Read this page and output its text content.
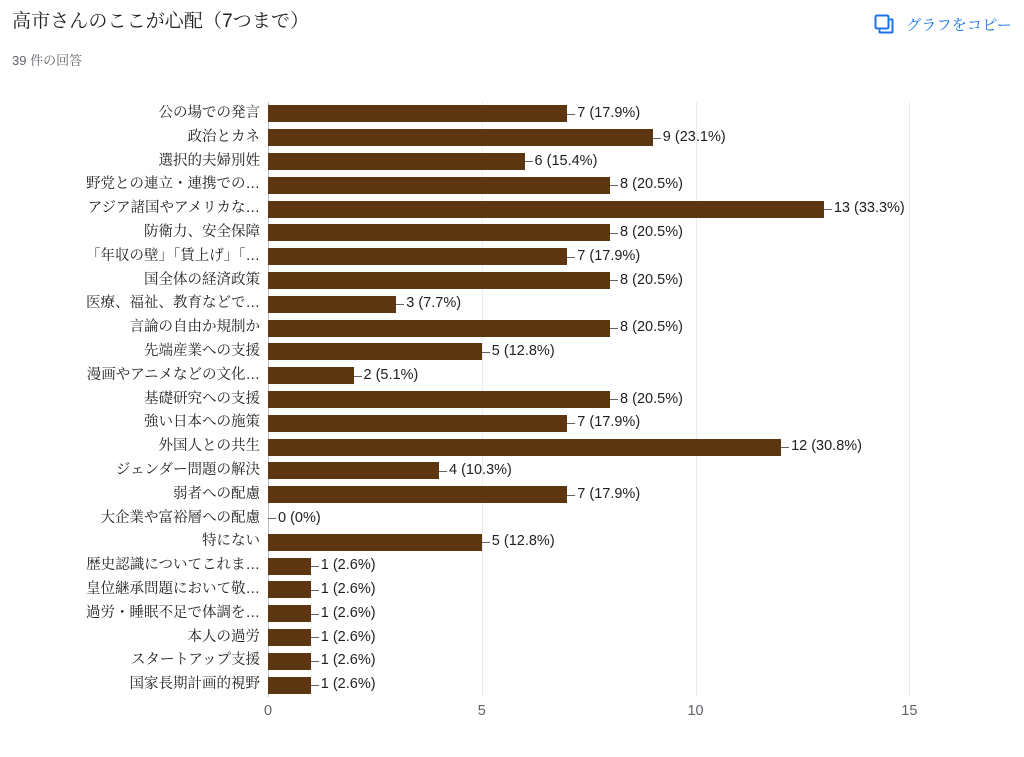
高市さんのここが心配（7つまで）	グラフをコピー
39 件の回答
公の場での発言	7 (17.9%)
政治とカネ	9 (23.1%)
選択的夫婦別姓	6 (15.4%)
野党との連立・連携での…	8 (20.5%)
アジア諸国やアメリカな…	13 (33.3%)
防衛力、安全保障	8 (20.5%)
「年収の壁」「賃上げ」「…	7 (17.9%)
国全体の経済政策	8 (20.5%)
医療、福祉、教育などで…	3 (7.7%)
言論の自由か規制か	8 (20.5%)
先端産業への支援	5 (12.8%)
漫画やアニメなどの文化…	2 (5.1%)
基礎研究への支援	8 (20.5%)
強い日本への施策	7 (17.9%)
外国人との共生	12 (30.8%)
ジェンダー問題の解決	4 (10.3%)
弱者への配慮	7 (17.9%)
大企業や富裕層への配慮 0 (0%)
特にない	5 (12.8%)
歴史認識についてこれま…	1 (2.6%)
皇位継承問題において敬…	1 (2.6%)
過労・睡眠不足で体調を…	1 (2.6%)
本人の過労	1 (2.6%)
スタートアップ支援	1 (2.6%)
国家長期計画的視野	1 (2.6%)
0	5	10	15
